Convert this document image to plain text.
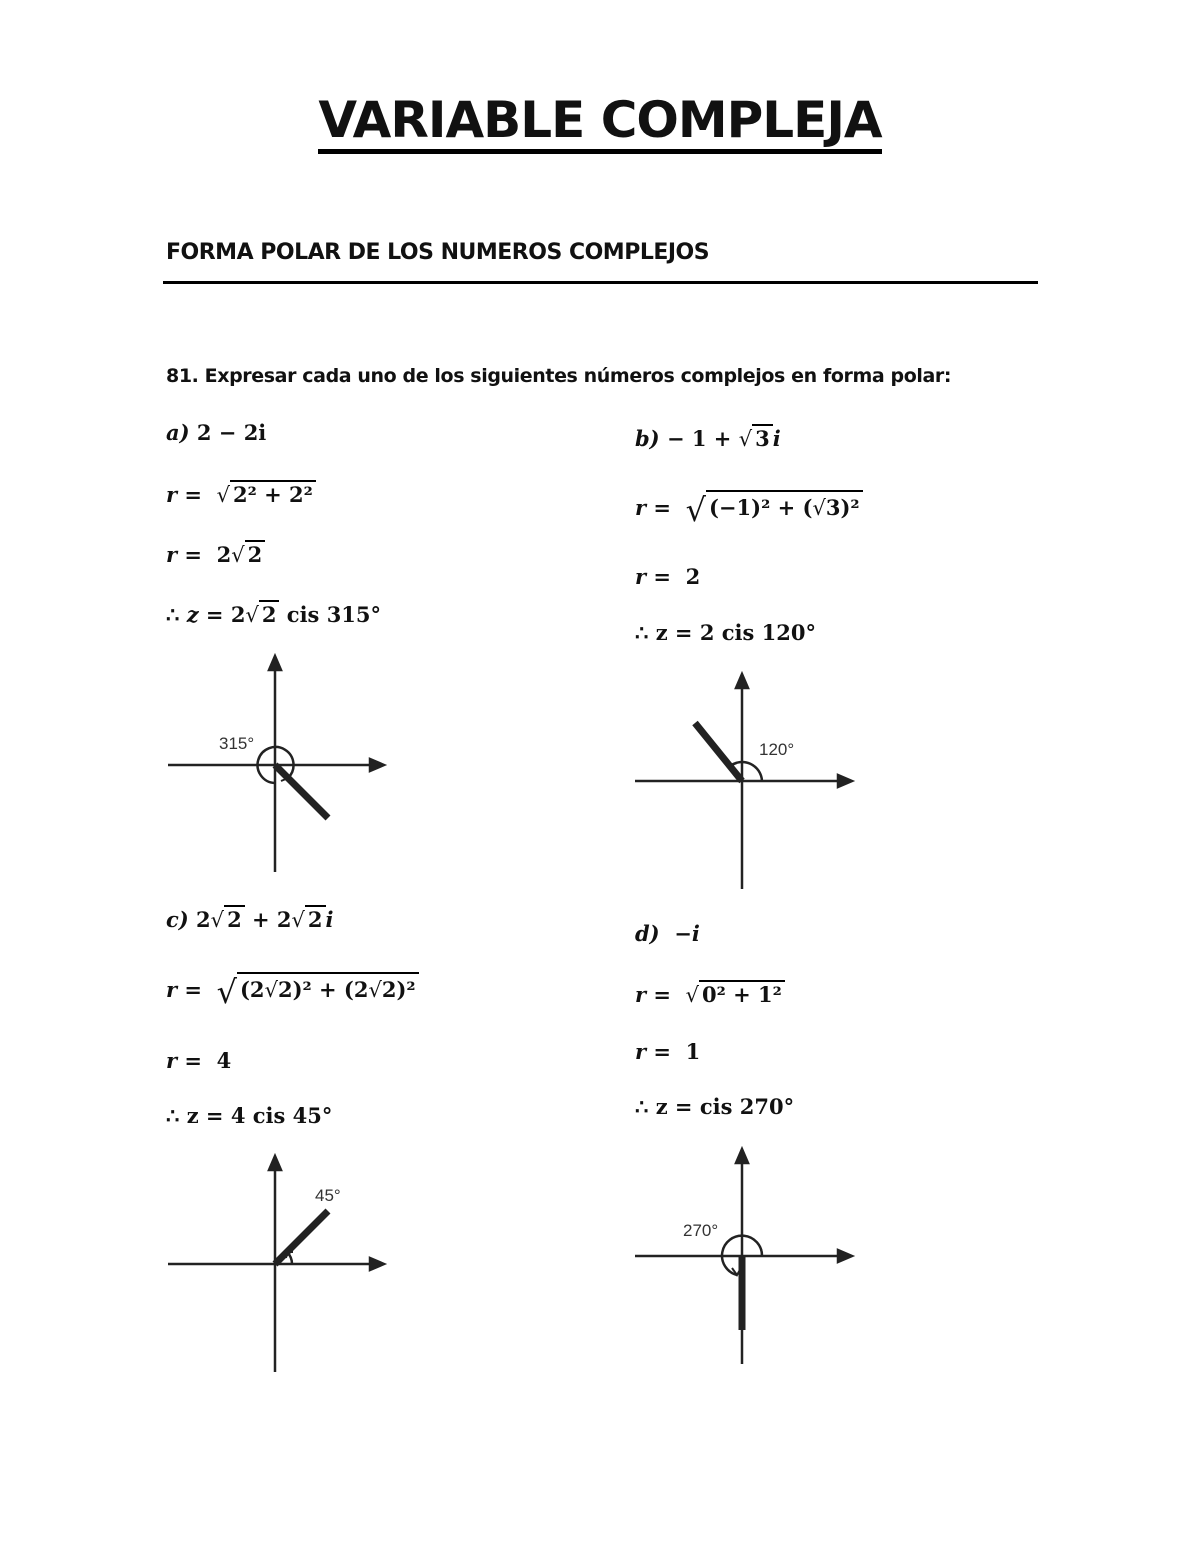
VARIABLE COMPLEJA
FORMA POLAR DE LOS NUMEROS COMPLEJOS
81. Expresar cada uno de los siguientes números complejos en forma polar:
a) 2 − 2i
r = √ 2² + 2²
r = 2√ 2
∴ z = 2√ 2 cis 315°
315°
b) − 1 + √ 3 i
r = √ (−1)² + (√3)²
r = 2
∴ z = 2 cis 120°
120°
c) 2√ 2 + 2√ 2 i
r = √ (2√2)² + (2√2)²
r = 4
∴ z = 4 cis 45°
45°
d) −i
r = √ 0² + 1²
r = 1
∴ z = cis 270°
270°
